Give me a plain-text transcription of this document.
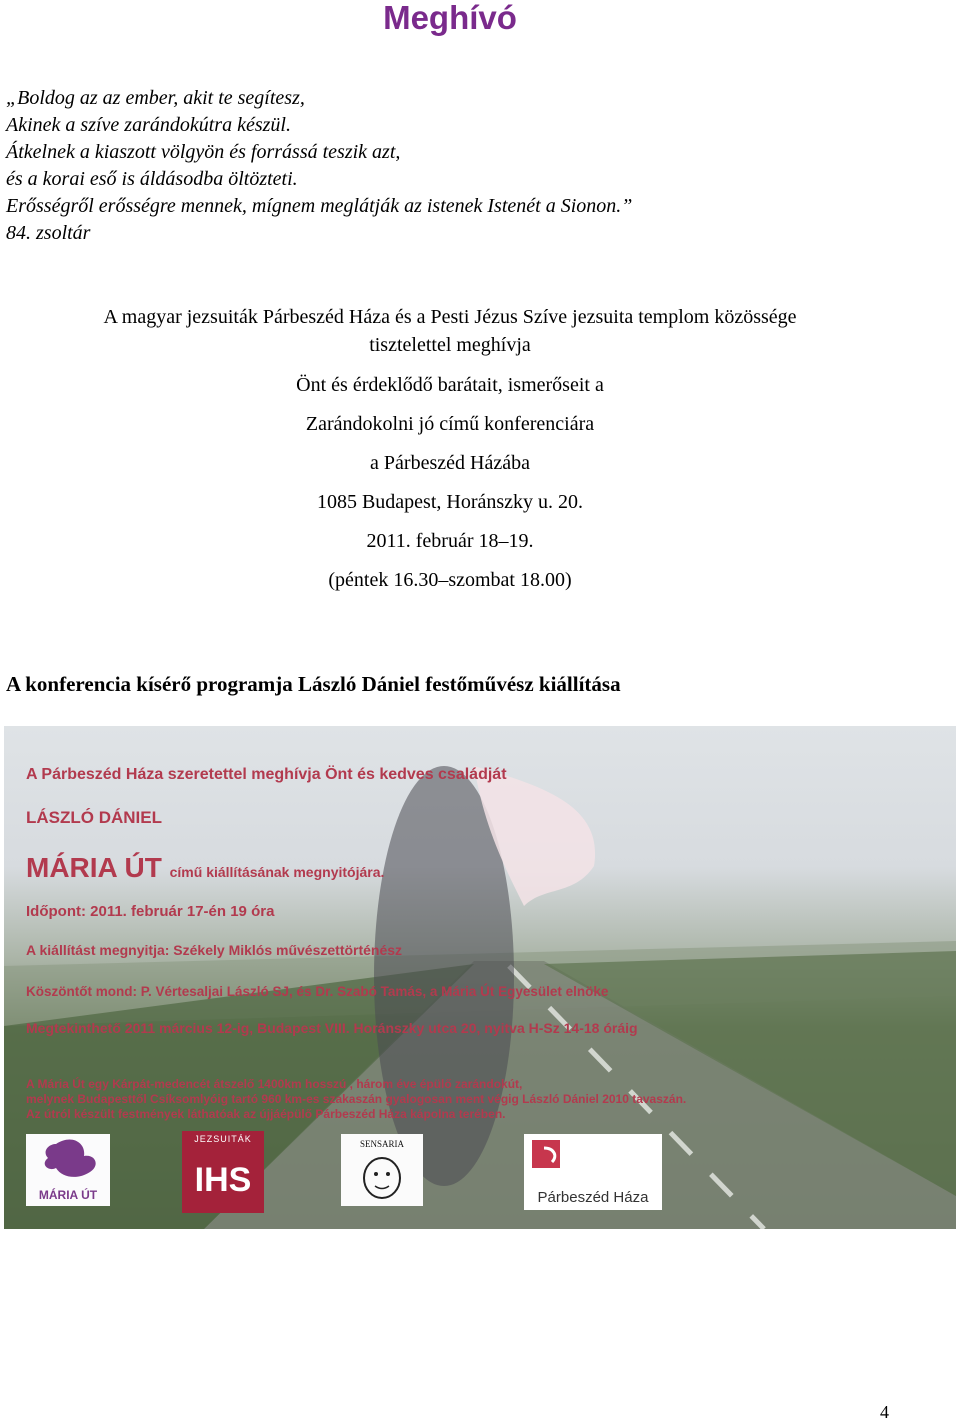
Meghívó
„Boldog az az ember, akit te segítesz,
Akinek a szíve zarándokútra készül.
Átkelnek a kiaszott völgyön és forrássá teszik azt,
és a korai eső is áldásodba öltözteti.
Erősségről erősségre mennek, mígnem meglátják az istenek Istenét a Sionon.”
84. zsoltár
A magyar jezsuiták Párbeszéd Háza és a Pesti Jézus Szíve jezsuita templom közössége
tisztelettel meghívja
Önt és érdeklődő barátait, ismerőseit a
Zarándokolni jó című konferenciára
a Párbeszéd Házába
1085 Budapest, Horánszky u. 20.
2011. február 18–19.
(péntek 16.30–szombat 18.00)
A konferencia kísérő programja László Dániel festőművész kiállítása
A Párbeszéd Háza szeretettel meghívja Önt és kedves családját
LÁSZLÓ DÁNIEL
MÁRIA ÚT című kiállításának megnyitójára.
Időpont: 2011. február 17-én 19 óra
A kiállítást megnyitja: Székely Miklós művészettörténész
Köszöntőt mond: P. Vértesaljai László SJ, és Dr. Szabó Tamás, a Mária Út Egyesület elnöke
Megtekinthető 2011 március 12-ig, Budapest VIII. Horánszky utca 20, nyitva H-Sz 14-18 óráig
A Mária Út egy Kárpát-medencét átszelő 1400km hosszú , három éve épülő zarándokút,
melynek Budapesttől Csíksomlyóig tartó 960 km-es szakaszán gyalogosan ment végig László Dániel 2010 tavaszán.
Az útról készült festmények láthatóak az újjáépülő Párbeszéd Háza kápolna terében.
MÁRIA ÚT
JEZSUITÁK
IHS
SENSARIA
Párbeszéd Háza
4
